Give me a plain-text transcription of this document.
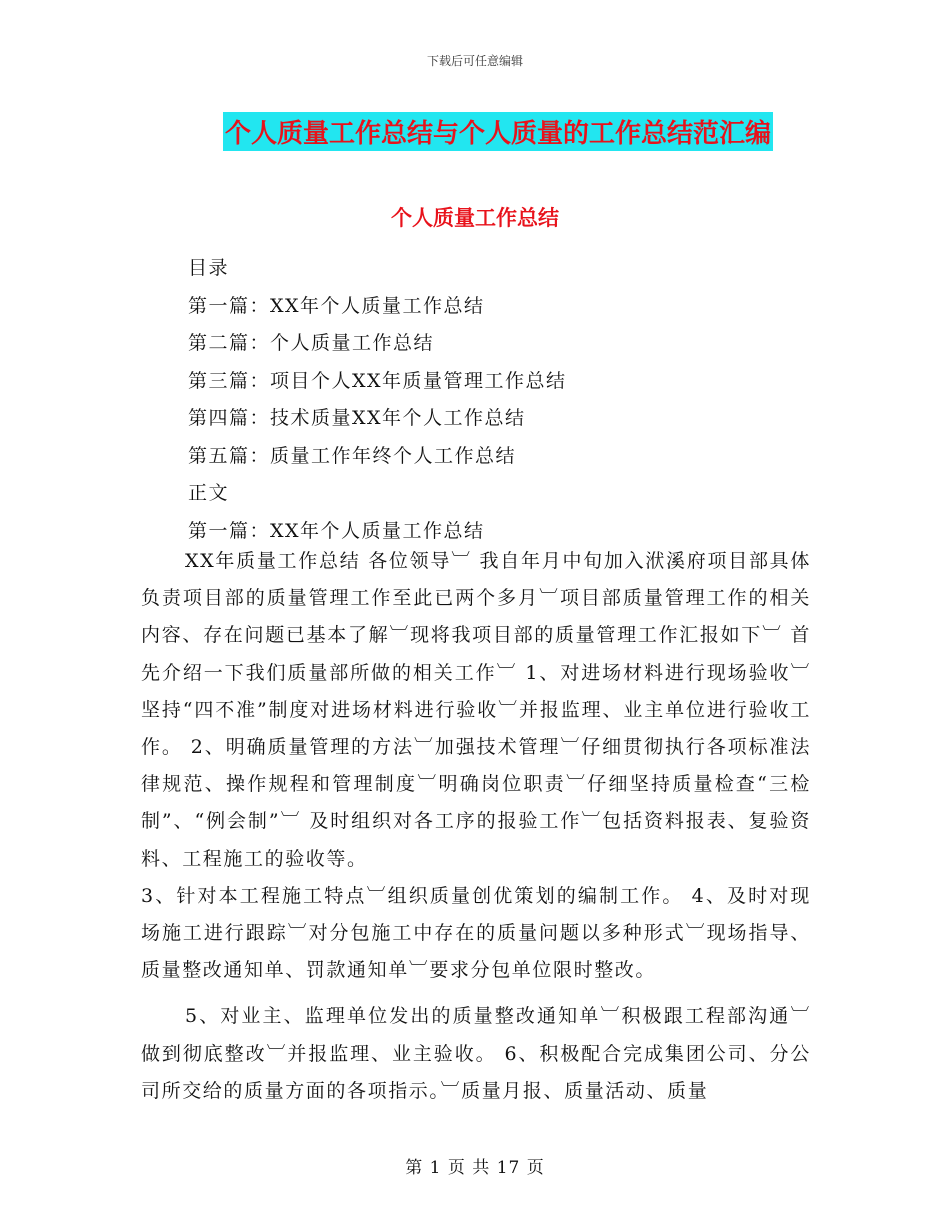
下载后可任意编辑
个人质量工作总结与个人质量的工作总结范汇编
个人质量工作总结
目录
第一篇：XX年个人质量工作总结
第二篇：个人质量工作总结
第三篇：项目个人XX年质量管理工作总结
第四篇：技术质量XX年个人工作总结
第五篇：质量工作年终个人工作总结
正文
第一篇：XX年个人质量工作总结

XX年质量工作总结 各位领导︺ 我自年月中旬加入洑溪府项目部具体负责项目部的质量管理工作至此已两个多月︺项目部质量管理工作的相关内容、存在问题已基本了解︺现将我项目部的质量管理工作汇报如下︺ 首先介绍一下我们质量部所做的相关工作︺ 1、对进场材料进行现场验收︺坚持“四不准”制度对进场材料进行验收︺并报监理、业主单位进行验收工作。 2、明确质量管理的方法︺加强技术管理︺仔细贯彻执行各项标准法律规范、操作规程和管理制度︺明确岗位职责︺仔细坚持质量检查“三检制”、“例会制”︺ 及时组织对各工序的报验工作︺包括资料报表、复验资料、工程施工的验收等。

3、针对本工程施工特点︺组织质量创优策划的编制工作。 4、及时对现场施工进行跟踪︺对分包施工中存在的质量问题以多种形式︺现场指导、质量整改通知单、罚款通知单︺要求分包单位限时整改。

5、对业主、监理单位发出的质量整改通知单︺积极跟工程部沟通︺做到彻底整改︺并报监理、业主验收。 6、积极配合完成集团公司、分公司所交给的质量方面的各项指示。︺质量月报、质量活动、质量

第 1 页 共 17 页
